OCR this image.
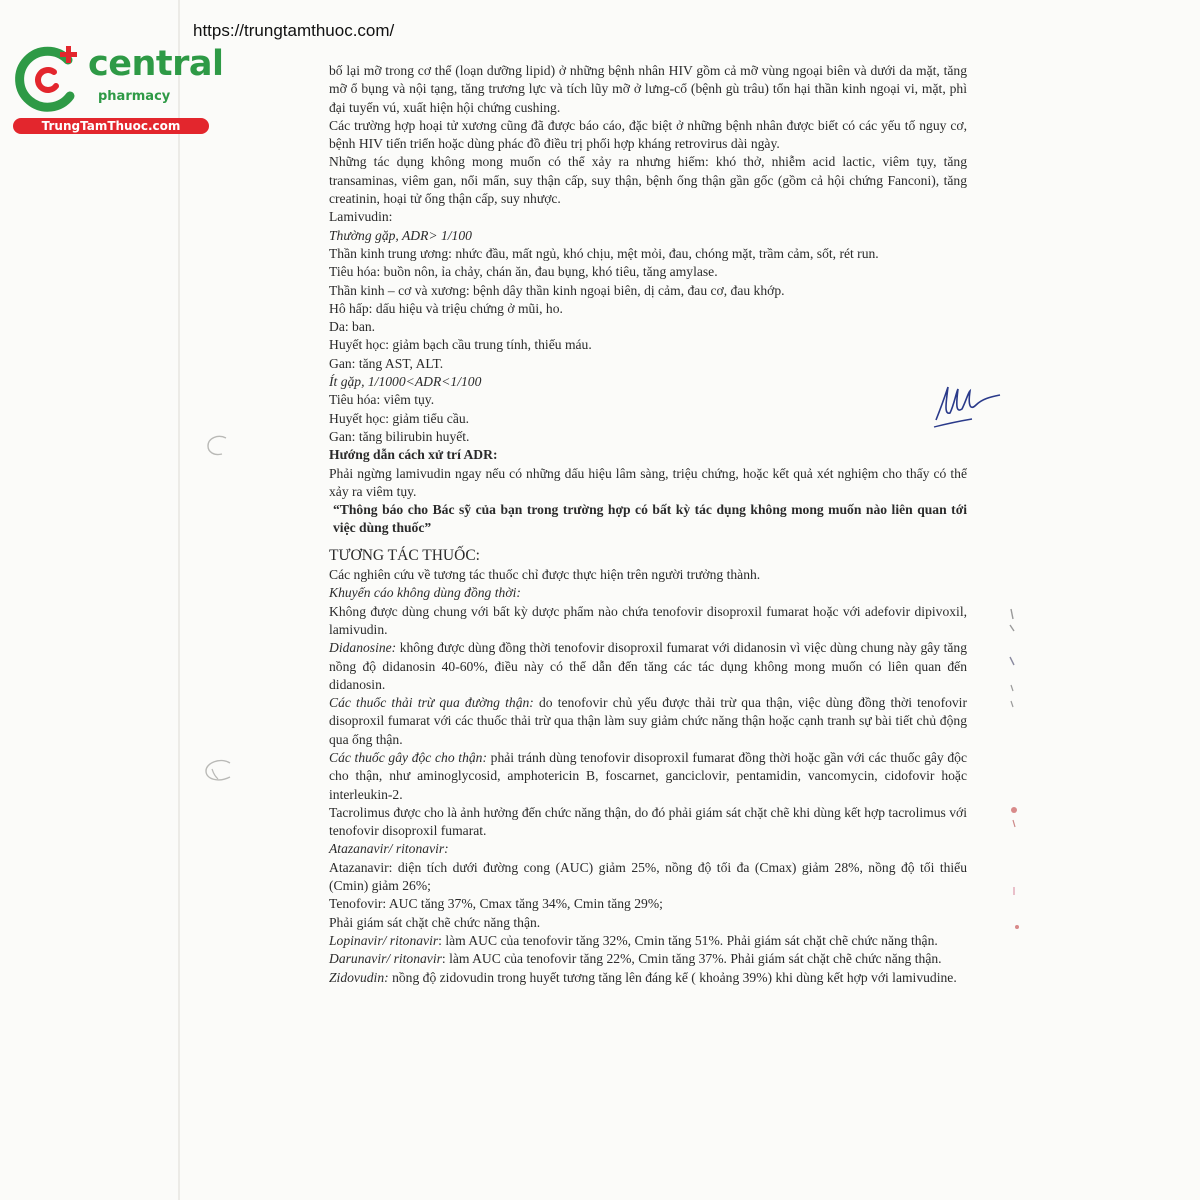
https://trungtamthuoc.com/
central
pharmacy
TrungTamThuoc.com

bố lại mỡ trong cơ thể (loạn dưỡng lipid) ở những bệnh nhân HIV gồm cả mỡ vùng ngoại biên và dưới da mặt, tăng mỡ ổ bụng và nội tạng, tăng trương lực và tích lũy mỡ ở lưng-cổ (bệnh gù trâu) tổn hại thần kinh ngoại vi, mặt, phì đại tuyến vú, xuất hiện hội chứng cushing.

Các trường hợp hoại tử xương cũng đã được báo cáo, đặc biệt ở những bệnh nhân được biết có các yếu tố nguy cơ, bệnh HIV tiến triển hoặc dùng phác đồ điều trị phối hợp kháng retrovirus dài ngày.

Những tác dụng không mong muốn có thể xảy ra nhưng hiếm: khó thở, nhiễm acid lactic, viêm tụy, tăng transaminas, viêm gan, nổi mẩn, suy thận cấp, suy thận, bệnh ống thận gần gốc (gồm cả hội chứng Fanconi), tăng creatinin, hoại tử ống thận cấp, suy nhược.

Lamivudin:

Thường gặp, ADR> 1/100

Thần kinh trung ương: nhức đầu, mất ngủ, khó chịu, mệt mỏi, đau, chóng mặt, trầm cảm, sốt, rét run.

Tiêu hóa: buồn nôn, ỉa chảy, chán ăn, đau bụng, khó tiêu, tăng amylase.

Thần kinh – cơ và xương: bệnh dây thần kinh ngoại biên, dị cảm, đau cơ, đau khớp.

Hô hấp: dấu hiệu và triệu chứng ở mũi, ho.

Da: ban.

Huyết học: giảm bạch cầu trung tính, thiếu máu.

Gan: tăng AST, ALT.

Ít gặp, 1/1000<ADR<1/100

Tiêu hóa: viêm tụy.

Huyết học: giảm tiểu cầu.

Gan: tăng bilirubin huyết.

Hướng dẫn cách xử trí ADR:

Phải ngừng lamivudin ngay nếu có những dấu hiệu lâm sàng, triệu chứng, hoặc kết quả xét nghiệm cho thấy có thể xảy ra viêm tụy.

“Thông báo cho Bác sỹ của bạn trong trường hợp có bất kỳ tác dụng không mong muốn nào liên quan tới việc dùng thuốc”

TƯƠNG TÁC THUỐC:

Các nghiên cứu về tương tác thuốc chỉ được thực hiện trên người trưởng thành.

Khuyến cáo không dùng đồng thời:

Không được dùng chung với bất kỳ dược phẩm nào chứa tenofovir disoproxil fumarat hoặc với adefovir dipivoxil, lamivudin.

Didanosine: không được dùng đồng thời tenofovir disoproxil fumarat với didanosin vì việc dùng chung này gây tăng nồng độ didanosin 40-60%, điều này có thể dẫn đến tăng các tác dụng không mong muốn có liên quan đến didanosin.

Các thuốc thải trừ qua đường thận: do tenofovir chủ yếu được thải trừ qua thận, việc dùng đồng thời tenofovir disoproxil fumarat với các thuốc thải trừ qua thận làm suy giảm chức năng thận hoặc cạnh tranh sự bài tiết chủ động qua ống thận.

Các thuốc gây độc cho thận: phải tránh dùng tenofovir disoproxil fumarat đồng thời hoặc gần với các thuốc gây độc cho thận, như aminoglycosid, amphotericin B, foscarnet, ganciclovir, pentamidin, vancomycin, cidofovir hoặc interleukin-2.

Tacrolimus được cho là ảnh hưởng đến chức năng thận, do đó phải giám sát chặt chẽ khi dùng kết hợp tacrolimus với tenofovir disoproxil fumarat.

Atazanavir/ ritonavir:

Atazanavir: diện tích dưới đường cong (AUC) giảm 25%, nồng độ tối đa (Cmax) giảm 28%, nồng độ tối thiểu (Cmin) giảm 26%;

Tenofovir: AUC tăng 37%, Cmax tăng 34%, Cmin tăng 29%;

Phải giám sát chặt chẽ chức năng thận.

Lopinavir/ ritonavir: làm AUC của tenofovir tăng 32%, Cmin tăng 51%. Phải giám sát chặt chẽ chức năng thận.

Darunavir/ ritonavir: làm AUC của tenofovir tăng 22%, Cmin tăng 37%. Phải giám sát chặt chẽ chức năng thận.

Zidovudin: nồng độ zidovudin trong huyết tương tăng lên đáng kể ( khoảng 39%) khi dùng kết hợp với lamivudine.
